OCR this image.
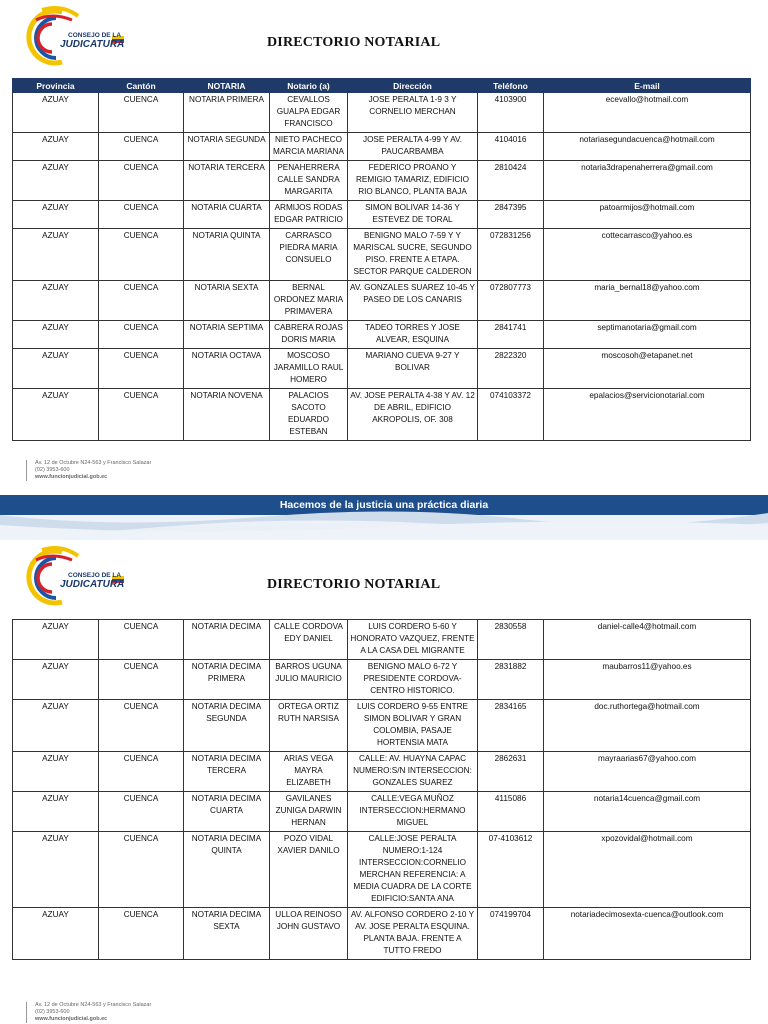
CONSEJO DE LA
JUDICATURA	DIRECTORIO NOTARIAL
Provincia	Cantón	NOTARIA	Notario (a)	Dirección	Teléfono	E-mail
AZUAY	CUENCA	NOTARIA PRIMERA	CEVALLOS GUALPA EDGAR FRANCISCO	JOSE PERALTA 1-9 3 Y CORNELIO MERCHAN	4103900	ecevallo@hotmail.com
AZUAY	CUENCA	NOTARIA SEGUNDA	NIETO PACHECO MARCIA MARIANA	JOSE PERALTA 4-99 Y AV. PAUCARBAMBA	4104016	notariasegundacuenca@hotmail.com
AZUAY	CUENCA	NOTARIA TERCERA	PENAHERRERA CALLE SANDRA MARGARITA	FEDERICO PROANO Y REMIGIO TAMARIZ, EDIFICIO RIO BLANCO, PLANTA BAJA	2810424	notaria3drapenaherrera@gmail.com
AZUAY	CUENCA	NOTARIA CUARTA	ARMIJOS RODAS EDGAR PATRICIO	SIMON BOLIVAR 14-36 Y ESTEVEZ DE TORAL	2847395	patoarmijos@hotmail.com
AZUAY	CUENCA	NOTARIA QUINTA	CARRASCO PIEDRA MARIA CONSUELO	BENIGNO MALO 7-59 Y Y MARISCAL SUCRE, SEGUNDO PISO. FRENTE A ETAPA. SECTOR PARQUE CALDERON	072831256	cottecarrasco@yahoo.es
AZUAY	CUENCA	NOTARIA SEXTA	BERNAL ORDONEZ MARIA PRIMAVERA	AV. GONZALES SUAREZ 10-45 Y PASEO DE LOS CANARIS	072807773	maria_bernal18@yahoo.com
AZUAY	CUENCA	NOTARIA SEPTIMA	CABRERA ROJAS DORIS MARIA	TADEO TORRES Y JOSE ALVEAR, ESQUINA	2841741	septimanotaria@gmail.com
AZUAY	CUENCA	NOTARIA OCTAVA	MOSCOSO JARAMILLO RAUL HOMERO	MARIANO CUEVA 9-27 Y BOLIVAR	2822320	moscosoh@etapanet.net
AZUAY	CUENCA	NOTARIA NOVENA	PALACIOS SACOTO EDUARDO ESTEBAN	AV. JOSE PERALTA 4-38 Y AV. 12 DE ABRIL, EDIFICIO AKROPOLIS, OF. 308	074103372	epalacios@servicionotarial.com
Av. 12 de Octubre N24-563 y Francisco Salazar
(02) 3953-600
www.funcionjudicial.gob.ec
Hacemos de la justicia una práctica diaria
CONSEJO DE LA
JUDICATURA	DIRECTORIO NOTARIAL
AZUAY	CUENCA	NOTARIA DECIMA	CALLE CORDOVA EDY DANIEL	LUIS CORDERO 5-60 Y HONORATO VAZQUEZ, FRENTE A LA CASA DEL MIGRANTE	2830558	daniel-calle4@hotmail.com
AZUAY	CUENCA	NOTARIA DECIMA PRIMERA	BARROS UGUNA JULIO MAURICIO	BENIGNO MALO 6-72 Y PRESIDENTE CORDOVA- CENTRO HISTORICO.	2831882	maubarros11@yahoo.es
AZUAY	CUENCA	NOTARIA DECIMA SEGUNDA	ORTEGA ORTIZ RUTH NARSISA	LUIS CORDERO 9-55 ENTRE SIMON BOLIVAR Y GRAN COLOMBIA, PASAJE HORTENSIA MATA	2834165	doc.ruthortega@hotmail.com
AZUAY	CUENCA	NOTARIA DECIMA TERCERA	ARIAS VEGA MAYRA ELIZABETH	CALLE: AV. HUAYNA CAPAC NUMERO:S/N INTERSECCION: GONZALES SUAREZ	2862631	mayraarias67@yahoo.com
AZUAY	CUENCA	NOTARIA DECIMA CUARTA	GAVILANES ZUNIGA DARWIN HERNAN	CALLE:VEGA MUÑOZ INTERSECCION:HERMANO MIGUEL	4115086	notaria14cuenca@gmail.com
AZUAY	CUENCA	NOTARIA DECIMA QUINTA	POZO VIDAL XAVIER DANILO	CALLE:JOSE PERALTA NUMERO:1-124 INTERSECCION:CORNELIO MERCHAN REFERENCIA: A MEDIA CUADRA DE LA CORTE EDIFICIO:SANTA ANA	07-4103612	xpozovidal@hotmail.com
AZUAY	CUENCA	NOTARIA DECIMA SEXTA	ULLOA REINOSO JOHN GUSTAVO	AV. ALFONSO CORDERO 2-10 Y AV. JOSE PERALTA ESQUINA. PLANTA BAJA. FRENTE A TUTTO FREDO	074199704	notariadecimosexta-cuenca@outlook.com
Av. 12 de Octubre N24-563 y Francisco Salazar
(02) 3953-600
www.funcionjudicial.gob.ec
